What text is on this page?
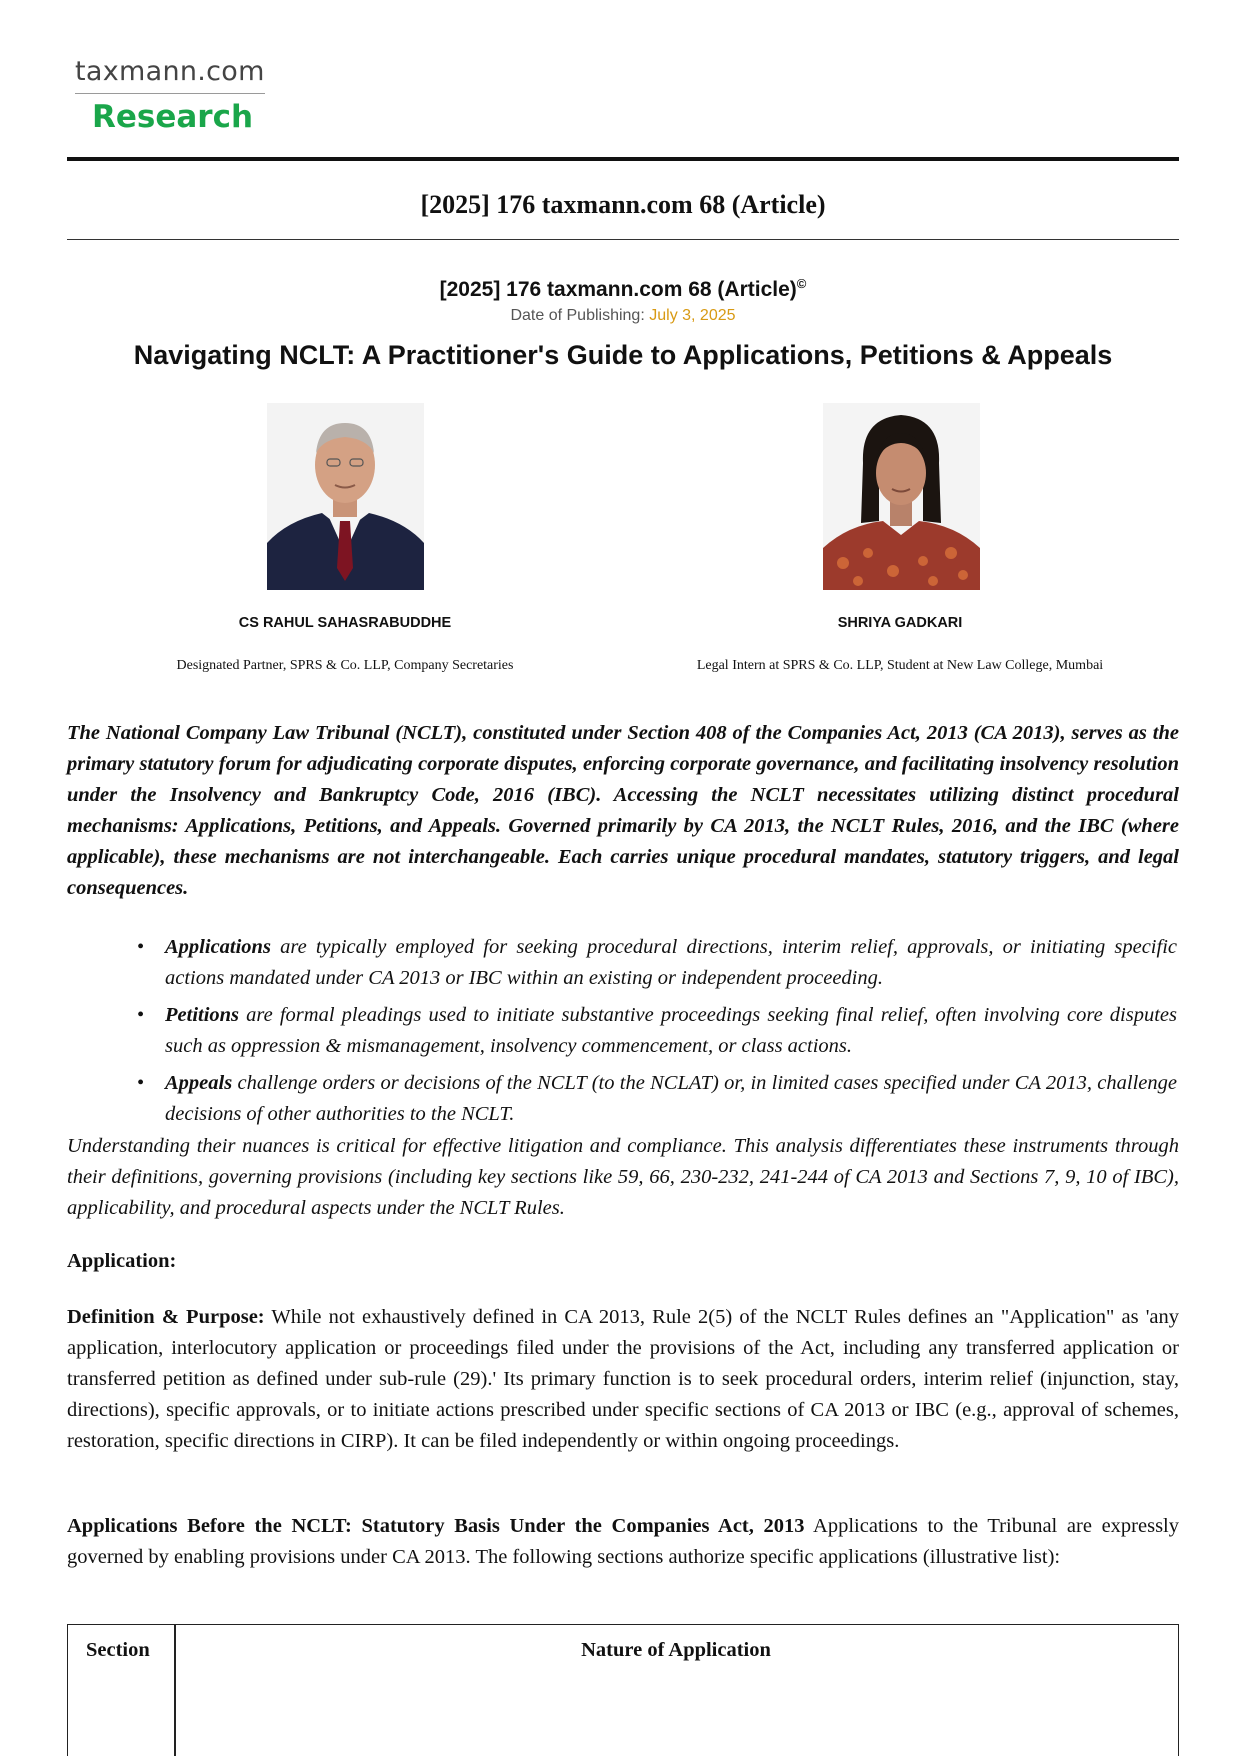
taxmann.com
Research
[2025] 176 taxmann.com 68 (Article)
[2025] 176 taxmann.com 68 (Article)©
Date of Publishing: July 3, 2025
Navigating NCLT: A Practitioner's Guide to Applications, Petitions & Appeals
CS RAHUL SAHASRABUDDHE	SHRIYA GADKARI
Designated Partner, SPRS & Co. LLP, Company Secretaries	Legal Intern at SPRS & Co. LLP, Student at New Law College, Mumbai
The National Company Law Tribunal (NCLT), constituted under Section 408 of the Companies Act, 2013 (CA 2013), serves as the primary statutory forum for adjudicating corporate disputes, enforcing corporate governance, and facilitating insolvency resolution under the Insolvency and Bankruptcy Code, 2016 (IBC). Accessing the NCLT necessitates utilizing distinct procedural mechanisms: Applications, Petitions, and Appeals. Governed primarily by CA 2013, the NCLT Rules, 2016, and the IBC (where applicable), these mechanisms are not interchangeable. Each carries unique procedural mandates, statutory triggers, and legal consequences.
• Applications are typically employed for seeking procedural directions, interim relief, approvals, or initiating specific actions mandated under CA 2013 or IBC within an existing or independent proceeding.
• Petitions are formal pleadings used to initiate substantive proceedings seeking final relief, often involving core disputes such as oppression & mismanagement, insolvency commencement, or class actions.
• Appeals challenge orders or decisions of the NCLT (to the NCLAT) or, in limited cases specified under CA 2013, challenge decisions of other authorities to the NCLT.
Understanding their nuances is critical for effective litigation and compliance. This analysis differentiates these instruments through their definitions, governing provisions (including key sections like 59, 66, 230-232, 241-244 of CA 2013 and Sections 7, 9, 10 of IBC), applicability, and procedural aspects under the NCLT Rules.
Application:
Definition & Purpose: While not exhaustively defined in CA 2013, Rule 2(5) of the NCLT Rules defines an "Application" as 'any application, interlocutory application or proceedings filed under the provisions of the Act, including any transferred application or transferred petition as defined under sub-rule (29).' Its primary function is to seek procedural orders, interim relief (injunction, stay, directions), specific approvals, or to initiate actions prescribed under specific sections of CA 2013 or IBC (e.g., approval of schemes, restoration, specific directions in CIRP). It can be filed independently or within ongoing proceedings.
Applications Before the NCLT: Statutory Basis Under the Companies Act, 2013 Applications to the Tribunal are expressly governed by enabling provisions under CA 2013. The following sections authorize specific applications (illustrative list):
Section	Nature of Application
